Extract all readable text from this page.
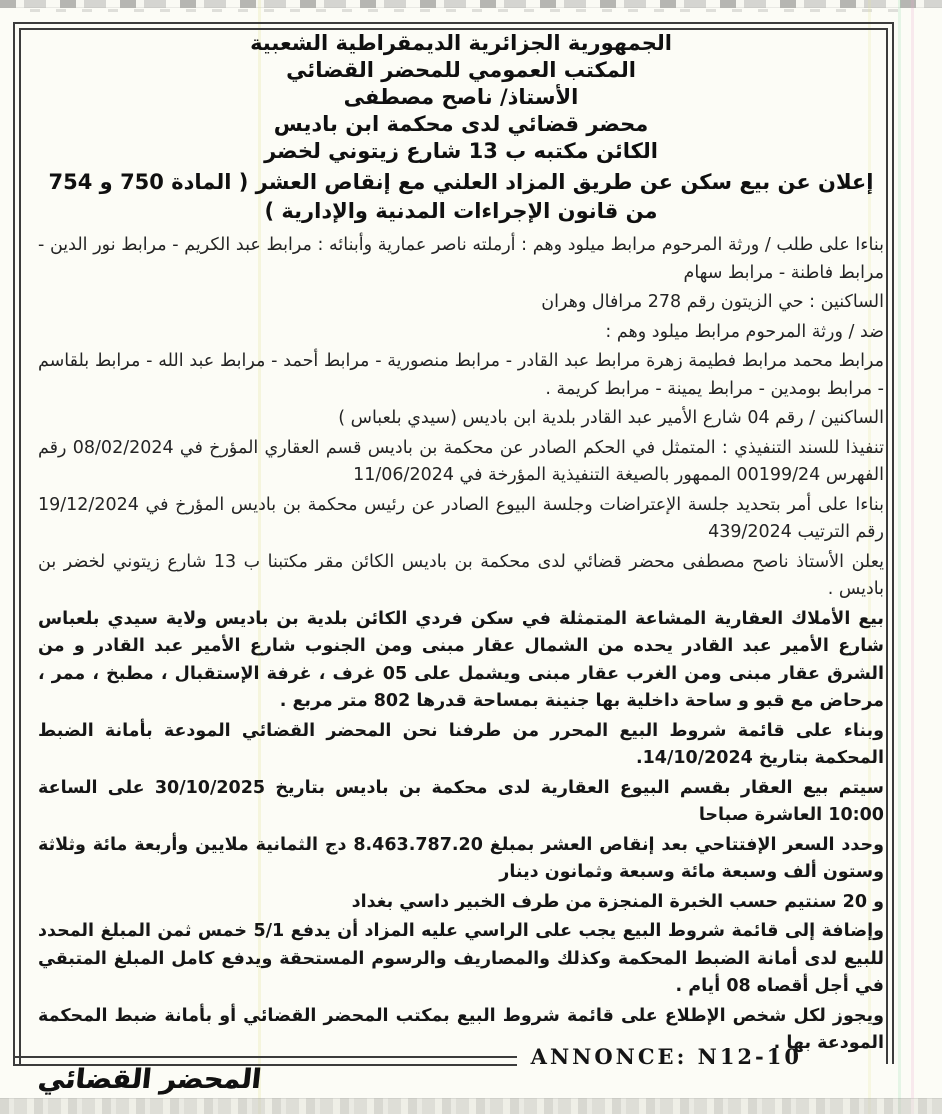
الجمهورية الجزائرية الديمقراطية الشعبية
المكتب العمومي للمحضر القضائي
الأستاذ/ ناصح مصطفى
محضر قضائي لدى محكمة ابن باديس
الكائن مكتبه ب 13 شارع زيتوني لخضر
إعلان عن بيع سكن عن طريق المزاد العلني مع إنقاص العشر ( المادة 750 و 754 من قانون الإجراءات المدنية والإدارية )

بناءا على طلب / ورثة المرحوم مرابط ميلود وهم : أرملته ناصر عمارية وأبنائه : مرابط عبد الكريم - مرابط نور الدين - مرابط فاطنة - مرابط سهام

الساكنين : حي الزيتون رقم 278 مرافال وهران

ضد / ورثة المرحوم مرابط ميلود وهم :

مرابط محمد مرابط فطيمة زهرة مرابط عبد القادر - مرابط منصورية - مرابط أحمد - مرابط عبد الله - مرابط بلقاسم - مرابط بومدين - مرابط يمينة - مرابط كريمة .

الساكنين / رقم 04 شارع الأمير عبد القادر بلدية ابن باديس (سيدي بلعباس )

تنفيذا للسند التنفيذي : المتمثل في الحكم الصادر عن محكمة بن باديس قسم العقاري المؤرخ في 08/02/2024 رقم الفهرس 00199/24 الممهور بالصيغة التنفيذية المؤرخة في 11/06/2024

بناءا على أمر بتحديد جلسة الإعتراضات وجلسة البيوع الصادر عن رئيس محكمة بن باديس المؤرخ في 19/12/2024 رقم الترتيب 439/2024

يعلن الأستاذ ناصح مصطفى محضر قضائي لدى محكمة بن باديس الكائن مقر مكتبنا ب 13 شارع زيتوني لخضر بن باديس .

بيع الأملاك العقارية المشاعة المتمثلة في سكن فردي الكائن بلدية بن باديس ولاية سيدي بلعباس شارع الأمير عبد القادر يحده من الشمال عقار مبنى ومن الجنوب شارع الأمير عبد القادر و من الشرق عقار مبنى ومن الغرب عقار مبنى ويشمل على 05 غرف ، غرفة الإستقبال ، مطبخ ، ممر ، مرحاض مع قبو و ساحة داخلية بها جنينة بمساحة قدرها 802 متر مربع .

وبناء على قائمة شروط البيع المحرر من طرفنا نحن المحضر القضائي المودعة بأمانة الضبط المحكمة بتاريخ 14/10/2024.

سيتم بيع العقار بقسم البيوع العقارية لدى محكمة بن باديس بتاريخ 30/10/2025 على الساعة 10:00 العاشرة صباحا

وحدد السعر الإفتتاحي بعد إنقاص العشر بمبلغ 8.463.787.20 دج الثمانية ملايين وأربعة مائة وثلاثة وستون ألف وسبعة مائة وسبعة وثمانون دينار

و 20 سنتيم حسب الخبرة المنجزة من طرف الخبير داسي بغداد

وإضافة إلى قائمة شروط البيع يجب على الراسي عليه المزاد أن يدفع 5/1 خمس ثمن المبلغ المحدد للبيع لدى أمانة الضبط المحكمة وكذلك والمصاريف والرسوم المستحقة ويدفع كامل المبلغ المتبقي في أجل أقصاه 08 أيام .

ويجوز لكل شخص الإطلاع على قائمة شروط البيع بمكتب المحضر القضائي أو بأمانة ضبط المحكمة المودعة بها .

المحضر القضائي
ANNONCE: N12-10
